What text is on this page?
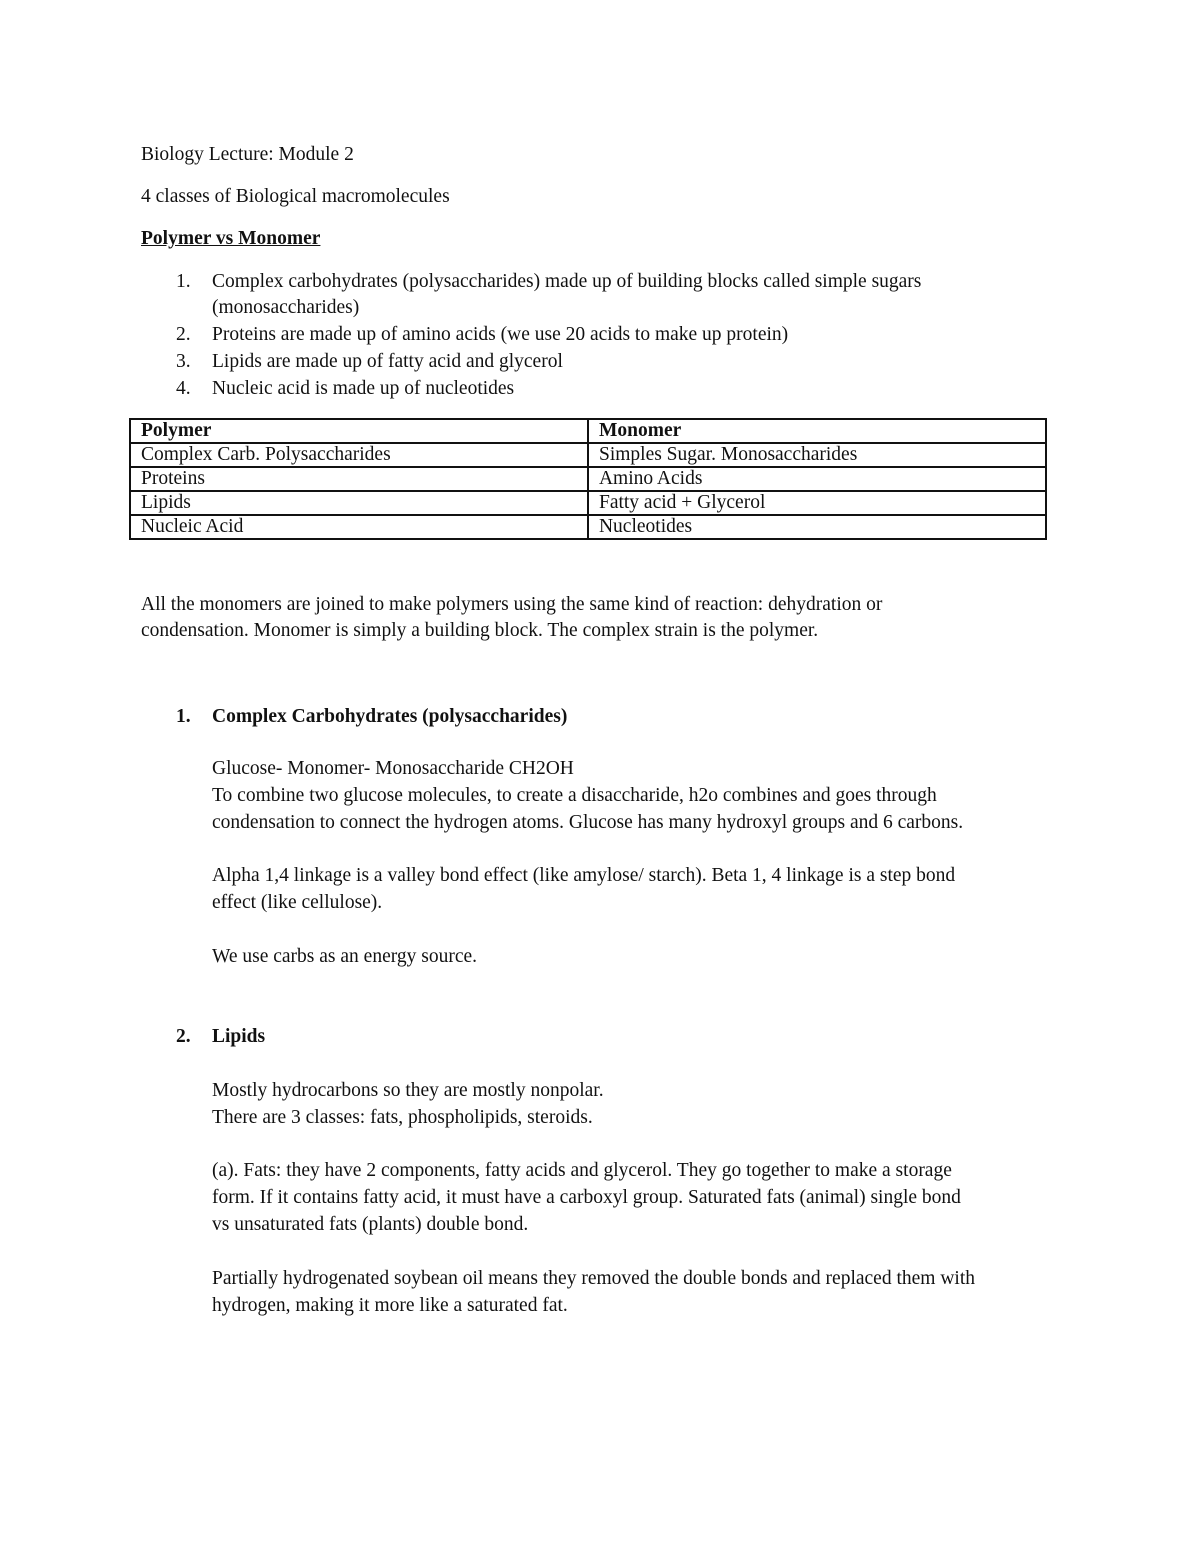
Biology Lecture: Module 2
4 classes of Biological macromolecules
Polymer vs Monomer
1. Complex carbohydrates (polysaccharides) made up of building blocks called simple sugars
(monosaccharides)
2. Proteins are made up of amino acids (we use 20 acids to make up protein)
3. Lipids are made up of fatty acid and glycerol
4. Nucleic acid is made up of nucleotides
Polymer	Monomer
Complex Carb. Polysaccharides	Simples Sugar. Monosaccharides
Proteins	Amino Acids
Lipids	Fatty acid + Glycerol
Nucleic Acid	Nucleotides
All the monomers are joined to make polymers using the same kind of reaction: dehydration or
condensation. Monomer is simply a building block. The complex strain is the polymer.
1. Complex Carbohydrates (polysaccharides)
Glucose- Monomer- Monosaccharide CH2OH
To combine two glucose molecules, to create a disaccharide, h2o combines and goes through
condensation to connect the hydrogen atoms. Glucose has many hydroxyl groups and 6 carbons.
Alpha 1,4 linkage is a valley bond effect (like amylose/ starch). Beta 1, 4 linkage is a step bond
effect (like cellulose).
We use carbs as an energy source.
2. Lipids
Mostly hydrocarbons so they are mostly nonpolar.
There are 3 classes: fats, phospholipids, steroids.
(a). Fats: they have 2 components, fatty acids and glycerol. They go together to make a storage
form. If it contains fatty acid, it must have a carboxyl group. Saturated fats (animal) single bond
vs unsaturated fats (plants) double bond.
Partially hydrogenated soybean oil means they removed the double bonds and replaced them with
hydrogen, making it more like a saturated fat.
